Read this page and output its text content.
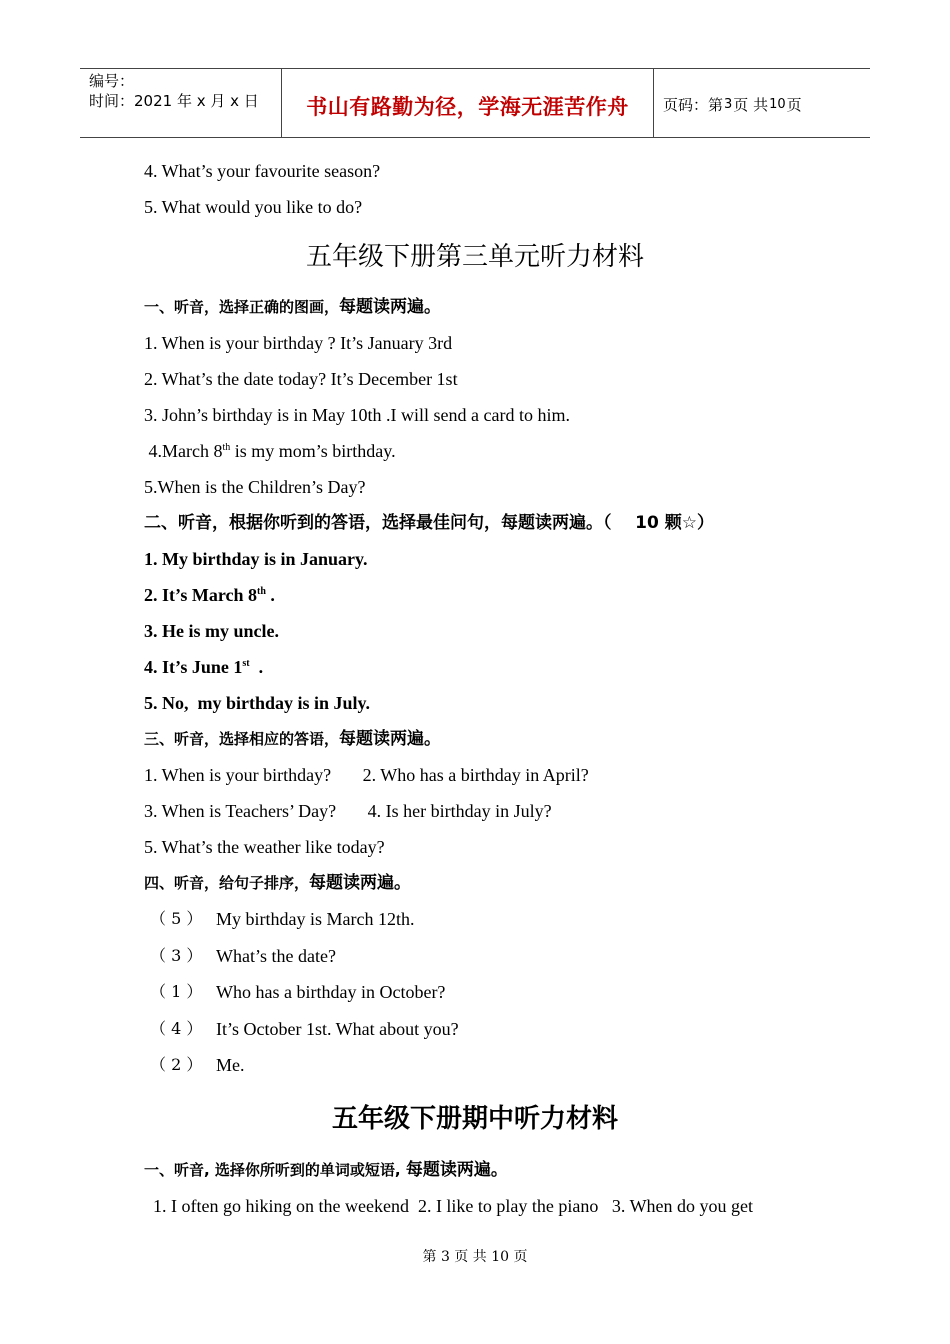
编号：
时间：2021 年 x 月 x 日	书山有路勤为径，学海无涯苦作舟	页码：第 3 页 共 10 页
4. What’s your favourite season?
5. What would you like to do?
五年级下册第三单元听力材料
一、听音，选择正确的图画，每题读两遍。
1. When is your birthday ? It’s January 3rd
2. What’s the date today? It’s December 1st
3. John’s birthday is in May 10th .I will send a card to him.
4.March 8th is my mom’s birthday.
5.When is the Children’s Day?
二、听音，根据你听到的答语，选择最佳问句，每题读两遍。（    10 颗☆）
1. My birthday is in January.
2. It’s March 8th .
3. He is my uncle.
4. It’s June 1st  .
5. No,  my birthday is in July.
三、听音，选择相应的答语，每题读两遍。
1. When is your birthday?       2. Who has a birthday in April?
3. When is Teachers’ Day?       4. Is her birthday in July?
5. What’s the weather like today?
四、听音，给句子排序，每题读两遍。
（ 5 ） My birthday is March 12th.
（ 3 ） What’s the date?
（ 1 ） Who has a birthday in October?
（ 4 ） It’s October 1st. What about you?
（ 2 ） Me.
五年级下册期中听力材料
一、听音, 选择你所听到的单词或短语, 每题读两遍。
1. I often go hiking on the weekend  2. I like to play the piano   3. When do you get
第 3 页 共 10 页
